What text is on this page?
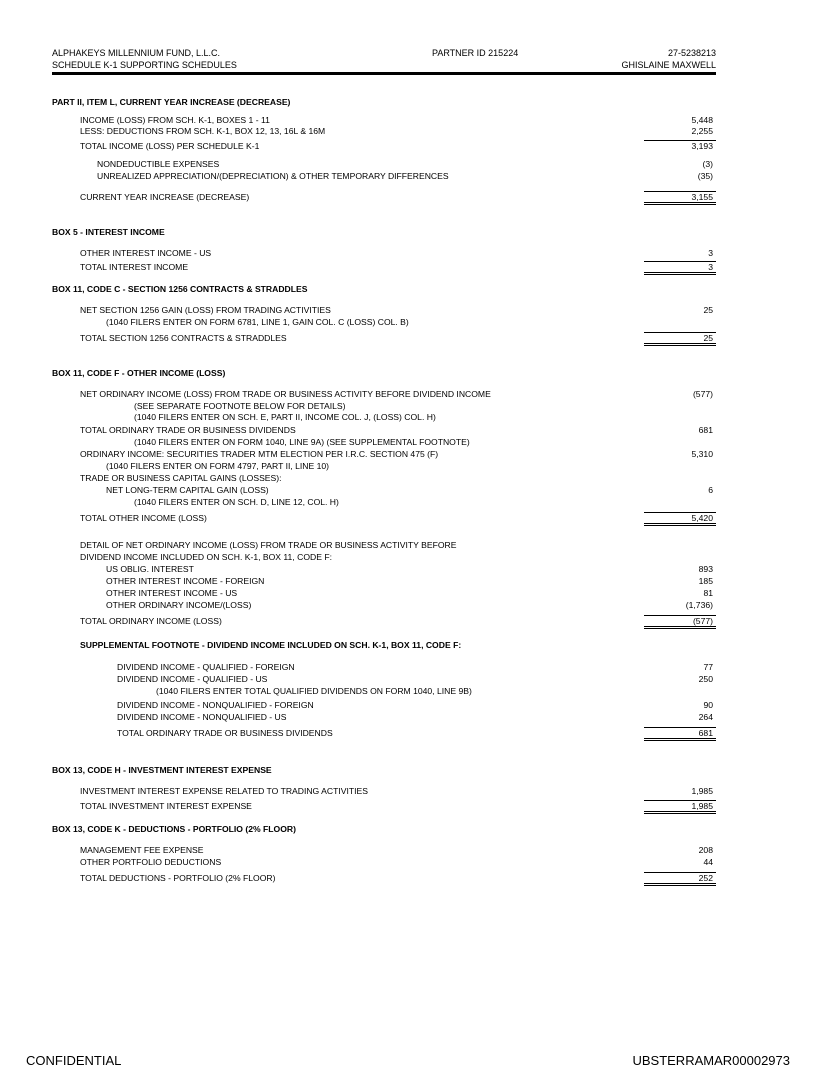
ALPHAKEYS MILLENNIUM FUND, L.L.C.
SCHEDULE K-1 SUPPORTING SCHEDULES
PARTNER ID 215224	27-5238213
GHISLAINE MAXWELL
PART II, ITEM L, CURRENT YEAR INCREASE (DECREASE)
BOX 5 - INTEREST INCOME
BOX 11, CODE C - SECTION 1256 CONTRACTS & STRADDLES
BOX 11, CODE F - OTHER INCOME (LOSS)
SUPPLEMENTAL FOOTNOTE - DIVIDEND INCOME INCLUDED ON SCH. K-1, BOX 11, CODE F:
BOX 13, CODE H - INVESTMENT INTEREST EXPENSE
BOX 13, CODE K - DEDUCTIONS - PORTFOLIO (2% FLOOR)
INCOME (LOSS) FROM SCH. K-1, BOXES 1 - 11	5,448
LESS: DEDUCTIONS FROM SCH. K-1, BOX 12, 13, 16L & 16M	2,255
TOTAL INCOME (LOSS) PER SCHEDULE K-1	3,193
NONDEDUCTIBLE EXPENSES	(3)
UNREALIZED APPRECIATION/(DEPRECIATION) & OTHER TEMPORARY DIFFERENCES	(35)
CURRENT YEAR INCREASE (DECREASE)	3,155
OTHER INTEREST INCOME - US	3
TOTAL INTEREST INCOME	3
NET SECTION 1256 GAIN (LOSS) FROM TRADING ACTIVITIES	25
(1040 FILERS ENTER ON FORM 6781, LINE 1, GAIN COL. C (LOSS) COL. B)
TOTAL SECTION 1256 CONTRACTS & STRADDLES	25
NET ORDINARY INCOME (LOSS) FROM TRADE OR BUSINESS ACTIVITY BEFORE DIVIDEND INCOME	(577)
(SEE SEPARATE FOOTNOTE BELOW FOR DETAILS)
(1040 FILERS ENTER ON SCH. E, PART II, INCOME COL. J, (LOSS) COL. H)
TOTAL ORDINARY TRADE OR BUSINESS DIVIDENDS	681
(1040 FILERS ENTER ON FORM 1040, LINE 9A) (SEE SUPPLEMENTAL FOOTNOTE)
ORDINARY INCOME: SECURITIES TRADER MTM ELECTION PER I.R.C. SECTION 475 (F)	5,310
(1040 FILERS ENTER ON FORM 4797, PART II, LINE 10)
TRADE OR BUSINESS CAPITAL GAINS (LOSSES):
NET LONG-TERM CAPITAL GAIN (LOSS)	6
(1040 FILERS ENTER ON SCH. D, LINE 12, COL. H)
TOTAL OTHER INCOME (LOSS)	5,420
DETAIL OF NET ORDINARY INCOME (LOSS) FROM TRADE OR BUSINESS ACTIVITY BEFORE
DIVIDEND INCOME INCLUDED ON SCH. K-1, BOX 11, CODE F:
US OBLIG. INTEREST	893
OTHER INTEREST INCOME - FOREIGN	185
OTHER INTEREST INCOME - US	81
OTHER ORDINARY INCOME/(LOSS)	(1,736)
TOTAL ORDINARY INCOME (LOSS)	(577)
DIVIDEND INCOME - QUALIFIED - FOREIGN	77
DIVIDEND INCOME - QUALIFIED - US	250
(1040 FILERS ENTER TOTAL QUALIFIED DIVIDENDS ON FORM 1040, LINE 9B)
DIVIDEND INCOME - NONQUALIFIED - FOREIGN	90
DIVIDEND INCOME - NONQUALIFIED - US	264
TOTAL ORDINARY TRADE OR BUSINESS DIVIDENDS	681
INVESTMENT INTEREST EXPENSE RELATED TO TRADING ACTIVITIES	1,985
TOTAL INVESTMENT INTEREST EXPENSE	1,985
MANAGEMENT FEE EXPENSE	208
OTHER PORTFOLIO DEDUCTIONS	44
TOTAL DEDUCTIONS - PORTFOLIO (2% FLOOR)	252
CONFIDENTIAL	UBSTERRAMAR00002973
